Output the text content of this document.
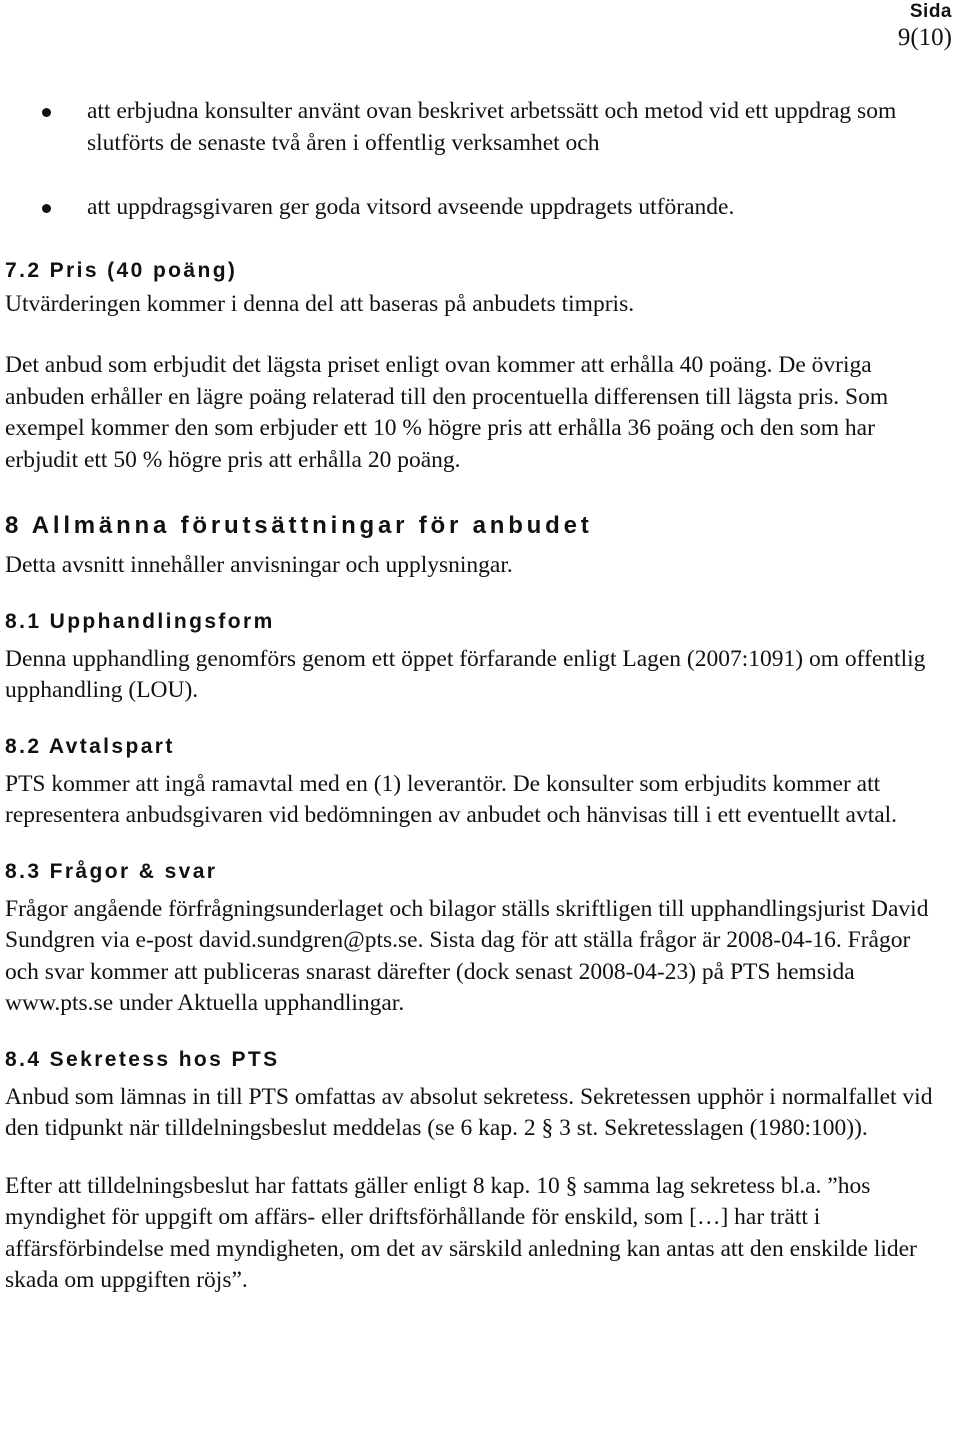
Sida
9(10)
att erbjudna konsulter använt ovan beskrivet arbetssätt och metod vid ett uppdrag som slutförts de senaste två åren i offentlig verksamhet och
att uppdragsgivaren ger goda vitsord avseende uppdragets utförande.
7.2 Pris (40 poäng)

Utvärderingen kommer i denna del att baseras på anbudets timpris.

Det anbud som erbjudit det lägsta priset enligt ovan kommer att erhålla 40 poäng. De övriga anbuden erhåller en lägre poäng relaterad till den procentuella differensen till lägsta pris. Som exempel kommer den som erbjuder ett 10 % högre pris att erhålla 36 poäng och den som har erbjudit ett 50 % högre pris att erhålla 20 poäng.

8 Allmänna förutsättningar för anbudet

Detta avsnitt innehåller anvisningar och upplysningar.

8.1 Upphandlingsform

Denna upphandling genomförs genom ett öppet förfarande enligt Lagen (2007:1091) om offentlig upphandling (LOU).

8.2 Avtalspart

PTS kommer att ingå ramavtal med en (1) leverantör. De konsulter som erbjudits kommer att representera anbudsgivaren vid bedömningen av anbudet och hänvisas till i ett eventuellt avtal.

8.3 Frågor & svar

Frågor angående förfrågningsunderlaget och bilagor ställs skriftligen till upphandlingsjurist David Sundgren via e-post david.sundgren@pts.se. Sista dag för att ställa frågor är 2008-04-16. Frågor och svar kommer att publiceras snarast därefter (dock senast 2008-04-23) på PTS hemsida www.pts.se under Aktuella upphandlingar.

8.4 Sekretess hos PTS

Anbud som lämnas in till PTS omfattas av absolut sekretess. Sekretessen upphör i normalfallet vid den tidpunkt när tilldelningsbeslut meddelas (se 6 kap. 2 § 3 st. Sekretesslagen (1980:100)).

Efter att tilldelningsbeslut har fattats gäller enligt 8 kap. 10 § samma lag sekretess bl.a. ”hos myndighet för uppgift om affärs- eller driftsförhållande för enskild, som […] har trätt i affärsförbindelse med myndigheten, om det av särskild anledning kan antas att den enskilde lider skada om uppgiften röjs”.
